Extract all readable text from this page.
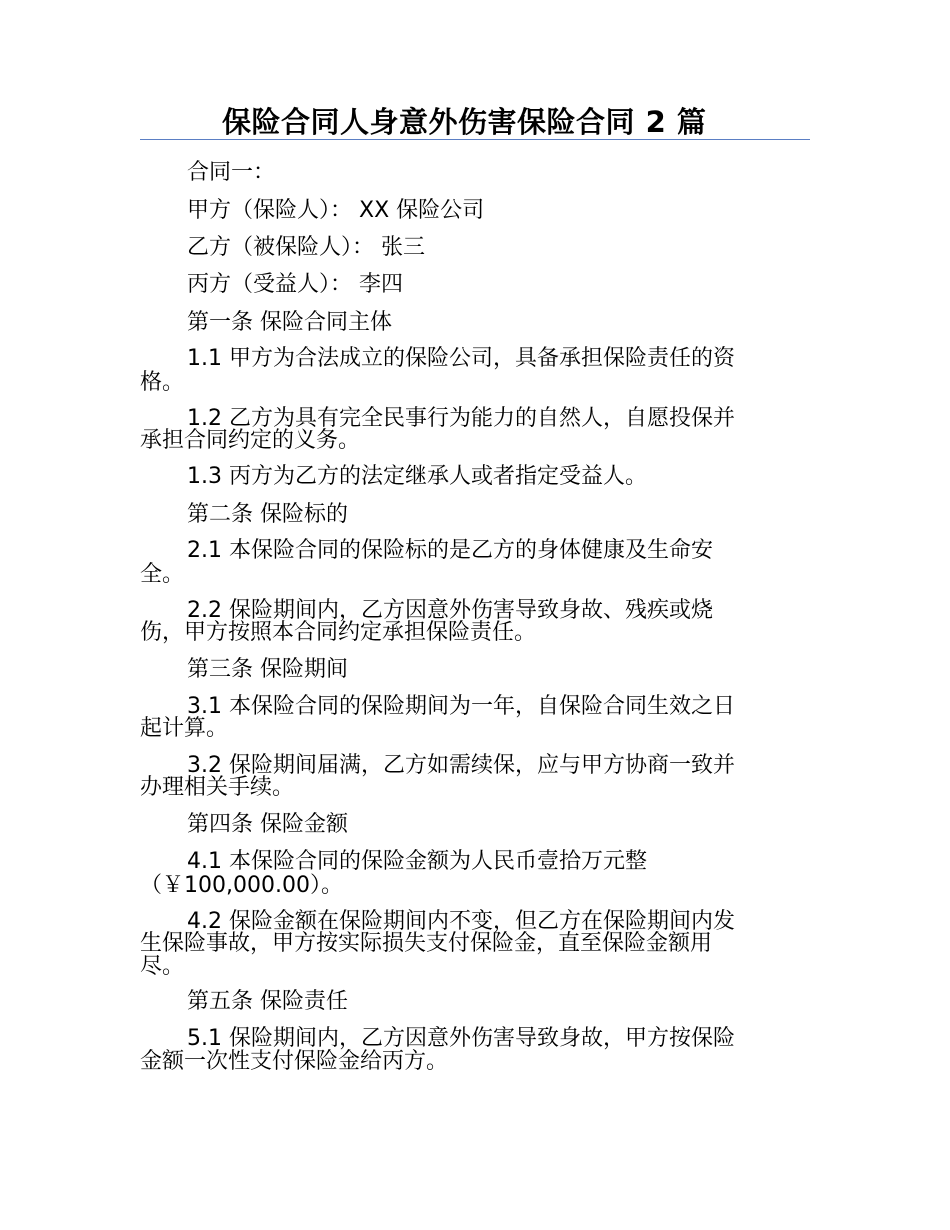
保险合同人身意外伤害保险合同 2 篇
合同一：
甲方（保险人）： XX 保险公司
乙方（被保险人）： 张三
丙方（受益人）： 李四
第一条 保险合同主体
1.1 甲方为合法成立的保险公司，具备承担保险责任的资
格。
1.2 乙方为具有完全民事行为能力的自然人，自愿投保并
承担合同约定的义务。
1.3 丙方为乙方的法定继承人或者指定受益人。
第二条 保险标的
2.1 本保险合同的保险标的是乙方的身体健康及生命安
全。
2.2 保险期间内，乙方因意外伤害导致身故、残疾或烧
伤，甲方按照本合同约定承担保险责任。
第三条 保险期间
3.1 本保险合同的保险期间为一年，自保险合同生效之日
起计算。
3.2 保险期间届满，乙方如需续保，应与甲方协商一致并
办理相关手续。
第四条 保险金额
4.1 本保险合同的保险金额为人民币壹拾万元整
（￥100,000.00）。
4.2 保险金额在保险期间内不变，但乙方在保险期间内发
生保险事故，甲方按实际损失支付保险金，直至保险金额用
尽。
第五条 保险责任
5.1 保险期间内，乙方因意外伤害导致身故，甲方按保险
金额一次性支付保险金给丙方。
